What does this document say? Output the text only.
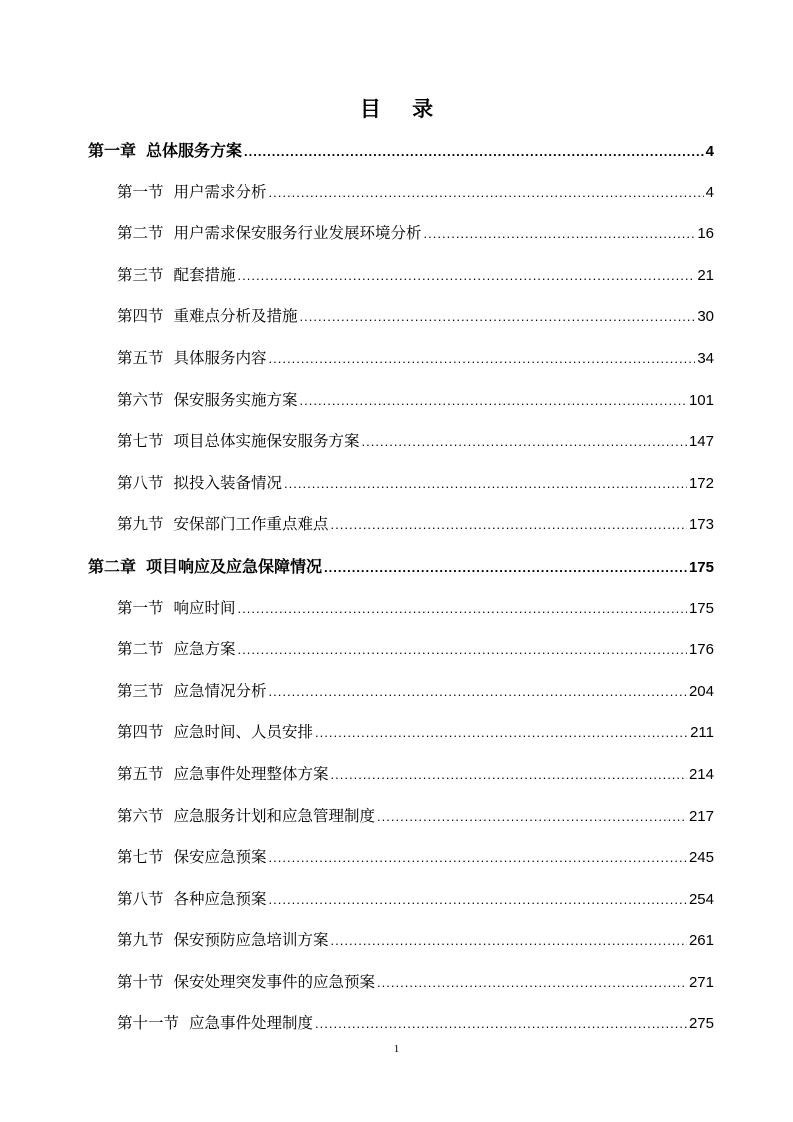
目 录
第一章 总体服务方案 .....	4
第一节 用户需求分析 .....	4
第二节 用户需求保安服务行业发展环境分析 .....	16
第三节 配套措施 .....	21
第四节 重难点分析及措施 .....	30
第五节 具体服务内容 .....	34
第六节 保安服务实施方案 .....	101
第七节 项目总体实施保安服务方案 .....	147
第八节 拟投入装备情况 .....	172
第九节 安保部门工作重点难点 .....	173
第二章 项目响应及应急保障情况 .....	175
第一节 响应时间 .....	175
第二节 应急方案 .....	176
第三节 应急情况分析 .....	204
第四节 应急时间、人员安排 .....	211
第五节 应急事件处理整体方案 .....	214
第六节 应急服务计划和应急管理制度 .....	217
第七节 保安应急预案 .....	245
第八节 各种应急预案 .....	254
第九节 保安预防应急培训方案 .....	261
第十节 保安处理突发事件的应急预案 .....	271
第十一节 应急事件处理制度 .....	275
1
